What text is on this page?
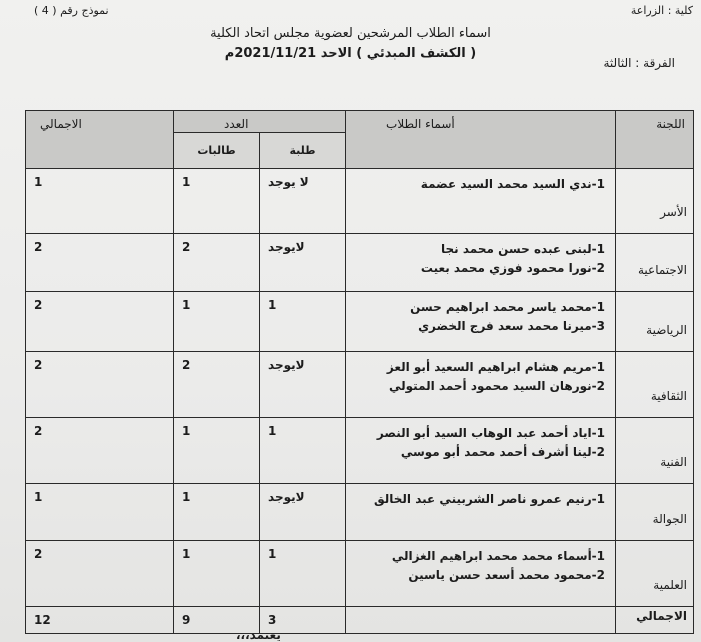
كلية : الزراعة
نموذج رقم ( 4 )
اسماء الطلاب المرشحين لعضوية مجلس اتحاد الكلية
( الكشف المبدئي ) الاحد 2021/11/21م
الفرقة : الثالثة
اللجنة	أسماء الطلاب	العدد		الاجمالي
		طلبة	طالبات	
الأسر	1-ندي السيد محمد السيد عضمة	لا يوجد	1	1
الاجتماعية	1-لبنى عبده حسن محمد نجا
2-نورا محمود فوزي محمد بعيت	لايوجد	2	2
الرياضية	1-محمد ياسر محمد ابراهيم حسن
3-ميرنا محمد سعد فرج الخضري	1	1	2
الثقافية	1-مريم هشام ابراهيم السعيد أبو العز
2-نورهان السيد محمود أحمد المتولي	لايوجد	2	2
الفنية	1-اياد أحمد عبد الوهاب السيد أبو النصر
2-لينا أشرف أحمد محمد أبو موسي	1	1	2
الجوالة	1-رنيم عمرو ناصر الشربيني عبد الخالق	لايوجد	1	1
العلمية	1-أسماء محمد محمد ابراهيم الغزالي
2-محمود محمد أسعد حسن ياسين	1	1	2
الاجمالي		3	9	12
يعتمد،،،
